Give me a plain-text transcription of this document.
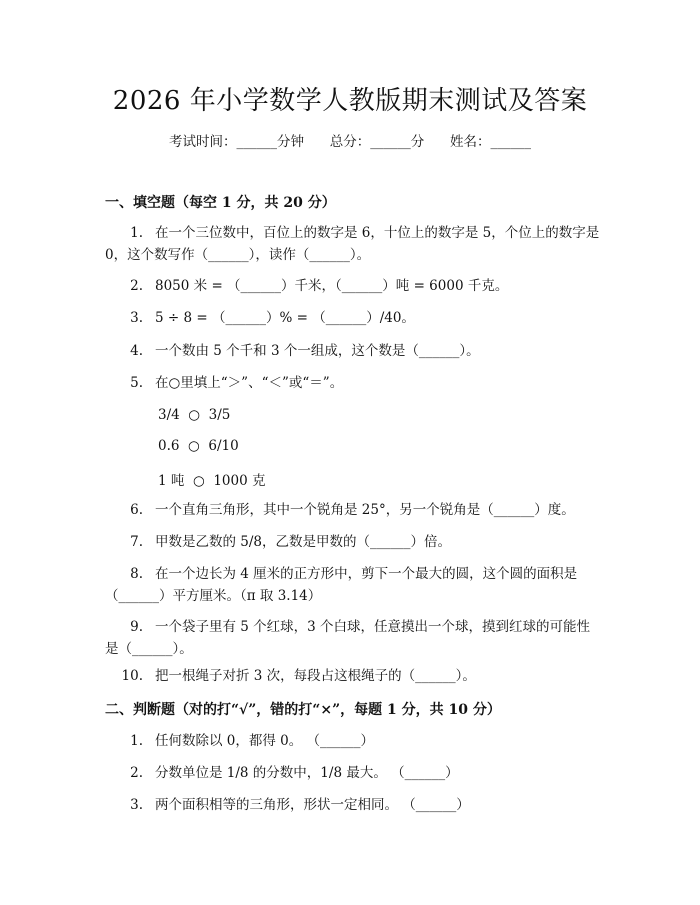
2026 年小学数学人教版期末测试及答案
考试时间：______分钟      总分：______分      姓名：______
一、填空题（每空 1 分，共 20 分）
1. 在一个三位数中，百位上的数字是 6，十位上的数字是 5，个位上的数字是 0，这个数写作（______），读作（______）。
2. 8050 米 = （______）千米，（______）吨 = 6000 千克。
3. 5 ÷ 8 = （______）% = （______）/40。
4. 一个数由 5 个千和 3 个一组成，这个数是（______）。
5. 在○里填上“＞”、“＜”或“＝”。
3/4  ○  3/5
0.6  ○  6/10
1 吨  ○  1000 克
6. 一个直角三角形，其中一个锐角是 25°，另一个锐角是（______）度。
7. 甲数是乙数的 5/8，乙数是甲数的（______）倍。
8. 在一个边长为 4 厘米的正方形中，剪下一个最大的圆，这个圆的面积是（______）平方厘米。（π 取 3.14）
9. 一个袋子里有 5 个红球，3 个白球，任意摸出一个球，摸到红球的可能性是（______）。
10. 把一根绳子对折 3 次，每段占这根绳子的（______）。
二、判断题（对的打“√”，错的打“×”，每题 1 分，共 10 分）
1. 任何数除以 0，都得 0。 （______）
2. 分数单位是 1/8 的分数中，1/8 最大。 （______）
3. 两个面积相等的三角形，形状一定相同。 （______）
